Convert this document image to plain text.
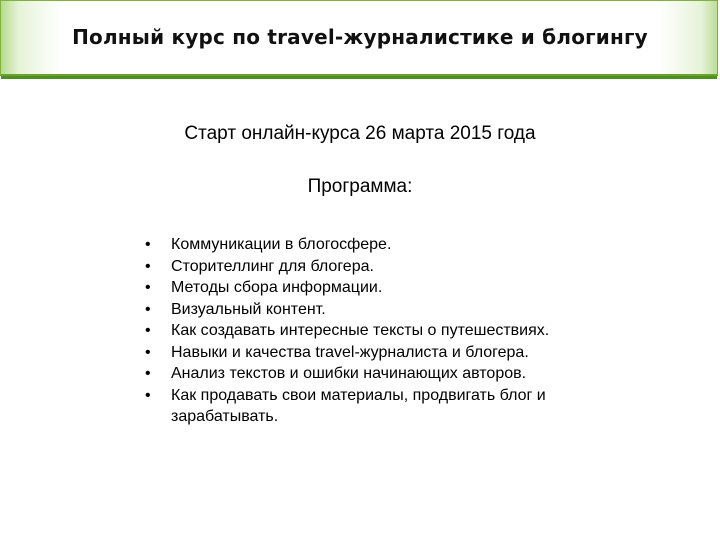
Полный курс по travel-журналистике и блогингу
Старт онлайн-курса 26 марта 2015 года
Программа:
• Коммуникации в блогосфере.
• Сторителлинг для блогера.
• Методы сбора информации.
• Визуальный контент.
• Как создавать интересные тексты о путешествиях.
• Навыки и качества travel-журналиста и блогера.
• Анализ текстов и ошибки начинающих авторов.
• Как продавать свои материалы, продвигать блог и зарабатывать.
